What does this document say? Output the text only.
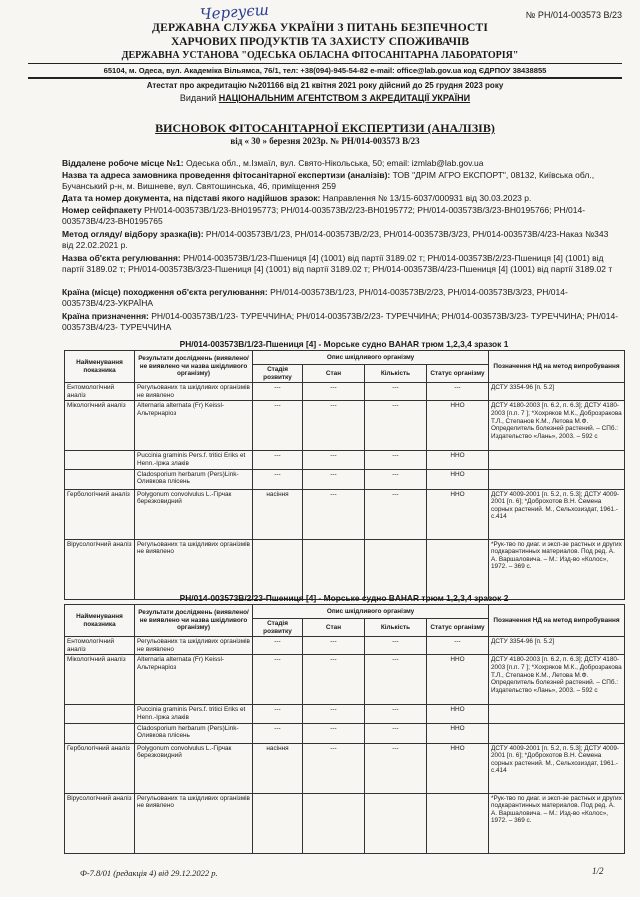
Чергуєш	№ РН/014-003573 В/23
ДЕРЖАВНА СЛУЖБА УКРАЇНИ З ПИТАНЬ БЕЗПЕЧНОСТІ
ХАРЧОВИХ ПРОДУКТІВ ТА ЗАХИСТУ СПОЖИВАЧІВ
ДЕРЖАВНА УСТАНОВА "ОДЕСЬКА ОБЛАСНА ФІТОСАНІТАРНА ЛАБОРАТОРІЯ"
65104, м. Одеса, вул. Академіка Вільямса, 76/1, тел: +38(094)-945-54-82 e-mail: office@lab.gov.ua код ЄДРПОУ 38438855
Атестат про акредитацію №201166 від 21 квітня 2021 року дійсний до 25 грудня 2023 року
Виданий НАЦІОНАЛЬНИМ АГЕНТСТВОМ З АКРЕДИТАЦІЇ УКРАЇНИ
ВИСНОВОК ФІТОСАНІТАРНОЇ ЕКСПЕРТИЗИ (АНАЛІЗІВ)
від « 30 » березня 2023р. № РН/014-003573 В/23
Віддалене робоче місце №1: Одеська обл., м.Ізмаїл, вул. Свято-Нікольська, 50; email: izmlab@lab.gov.ua
Назва та адреса замовника проведення фітосанітарної експертизи (аналізів): ТОВ "ДРІМ АГРО ЕКСПОРТ", 08132, Київська обл., Бучанський р-н, м. Вишневе, вул. Святошинська, 46, приміщення 259
Дата та номер документа, на підставі якого надійшов зразок: Направлення № 13/15-6037/000931 від 30.03.2023 р.
Номер сейфпакету РН/014-003573В/1/23-ВН0195773; РН/014-003573В/2/23-ВН0195772; РН/014-003573В/3/23-ВН0195766; РН/014-003573В/4/23-ВН0195765
Метод огляду/ відбору зразка(ів): РН/014-003573В/1/23, РН/014-003573В/2/23, РН/014-003573В/3/23, РН/014-003573В/4/23-Наказ №343 від 22.02.2021 р.
Назва об'єкта регулювання: РН/014-003573В/1/23-Пшениця [4] (1001) від партії 3189.02 т; РН/014-003573В/2/23-Пшениця [4] (1001) від партії 3189.02 т; РН/014-003573В/3/23-Пшениця [4] (1001) від партії 3189.02 т; РН/014-003573В/4/23-Пшениця [4] (1001) від партії 3189.02 т
Країна (місце) походження об'єкта регулювання: РН/014-003573В/1/23, РН/014-003573В/2/23, РН/014-003573В/3/23, РН/014-003573В/4/23-УКРАЇНА
Країна призначення: РН/014-003573В/1/23- ТУРЕЧЧИНА; РН/014-003573В/2/23- ТУРЕЧЧИНА; РН/014-003573В/3/23- ТУРЕЧЧИНА; РН/014-003573В/4/23- ТУРЕЧЧИНА
РН/014-003573В/1/23-Пшениця [4] - Морське судно BAHAR трюм 1,2,3,4 зразок 1
Найменування показника	Результати досліджень (виявлено/не виявлено чи назва шкідливого організму)	Опис шкідливого організму				Позначення НД на метод випробування
		Стадія розвитку	Стан	Кількість	Статус організму	
Ентомологічний аналіз	Регульованих та шкідливих організмів не виявлено	---	---	---	---	ДСТУ 3354-96 [п. 5.2]
Мікологічний аналіз	Alternaria alternata (Fr) Keissl-Альтернаріоз	---	---	---	ННО	ДСТУ 4180-2003 [п. 6.2, п. 6.3]; ДСТУ 4180-2003 [п.п. 7 ]; *Хохряков М.К., Доброзракова Т.Л., Степанов К.М., Летова М.Ф. Определитель болезней растений. – СПб.: Издательство «Лань», 2003. – 592 с
	Puccinia graminis Pers.f. tritici Eriks et Henn.-Іржа злаків	---	---	---	ННО	
	Cladosporium herbarum (Pers)Link-Оливкова плісень	---	---	---	ННО	
Гербологічний аналіз	Polygonum convolvulus L.-Гірчак березковидний	насіння	---	---	ННО	ДСТУ 4009-2001 [п. 5.2, п. 5.3]; ДСТУ 4009-2001 [п. 6]; *Доброхотов В.Н. Семена сорных растений. М., Сельхозиздат, 1961.-с.414
Вірусологічний аналіз	Регульованих та шкідливих організмів не виявлено					*Рук-тво по диаг. и эксп-зе растных и других подкарантинных материалов. Под ред. А. А. Варшаловича. – М.: Изд-во «Колос», 1972. – 369 с.
РН/014-003573В/2/23-Пшениця [4] - Морське судно BAHAR трюм 1,2,3,4 зразок 2
Найменування показника	Результати досліджень (виявлено/не виявлено чи назва шкідливого організму)	Опис шкідливого організму				Позначення НД на метод випробування
		Стадія розвитку	Стан	Кількість	Статус організму	
Ентомологічний аналіз	Регульованих та шкідливих організмів не виявлено	---	---	---	---	ДСТУ 3354-96 [п. 5.2]
Мікологічний аналіз	Alternaria alternata (Fr) Keissl-Альтернаріоз	---	---	---	ННО	ДСТУ 4180-2003 [п. 6.2, п. 6.3]; ДСТУ 4180-2003 [п.п. 7 ]; *Хохряков М.К., Доброзракова Т.Л., Степанов К.М., Летова М.Ф. Определитель болезней растений. – СПб.: Издательство «Лань», 2003. – 592 с
	Puccinia graminis Pers.f. tritici Eriks et Henn.-Іржа злаків	---	---	---	ННО	
	Cladosporium herbarum (Pers)Link-Оливкова плісень	---	---	---	ННО	
Гербологічний аналіз	Polygonum convolvulus L.-Гірчак березковидний	насіння	---	---	ННО	ДСТУ 4009-2001 [п. 5.2, п. 5.3]; ДСТУ 4009-2001 [п. 6]; *Доброхотов В.Н. Семена сорных растений. М., Сельхозиздат, 1961.-с.414
Вірусологічний аналіз	Регульованих та шкідливих організмів не виявлено					*Рук-тво по диаг. и эксп-зе растных и других подкарантинных материалов. Под ред. А. А. Варшаловича. – М.: Изд-во «Колос», 1972. – 369 с.
Ф-7.8/01 (редакція 4) від 29.12.2022 р.	1/2
